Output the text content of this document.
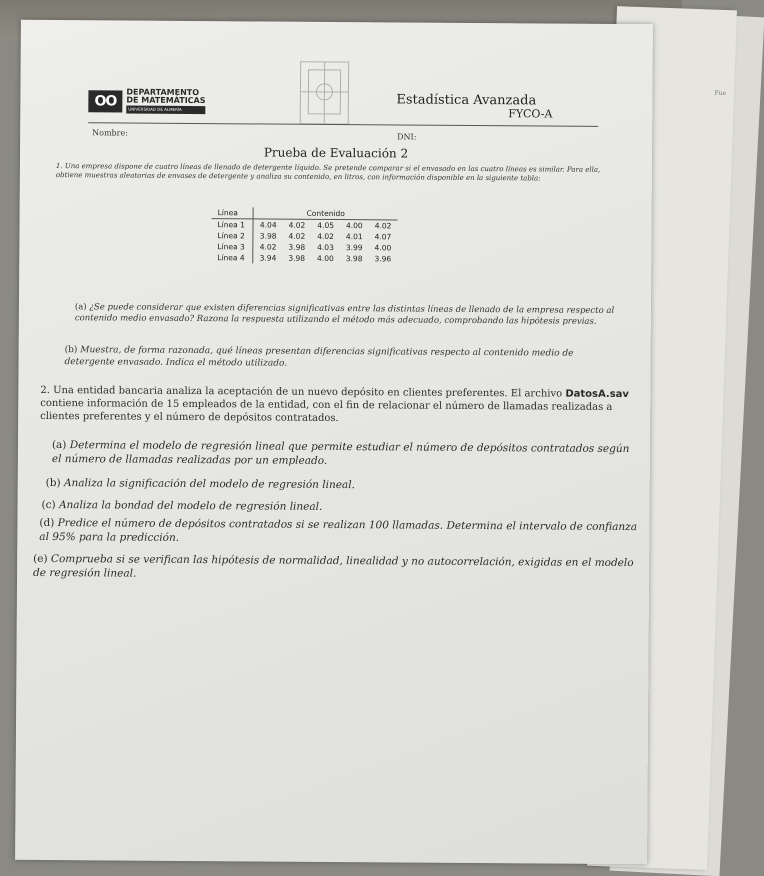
Fue
OO
DEPARTAMENTO
DE MATEMÁTICAS
UNIVERSIDAD DE ALMERÍA
Estadística Avanzada
FYCO-A
Nombre:	DNI:
Prueba de Evaluación 2
1. Una empresa dispone de cuatro líneas de llenado de detergente líquido. Se pretende comparar si el envasado en las cuatro líneas es similar. Para ella, obtiene muestras aleatorias de envases de detergente y analiza su contenido, en litros, con información disponible en la siguiente tabla:
Línea	Contenido				
Línea 1	4.04	4.02	4.05	4.00	4.02
Línea 2	3.98	4.02	4.02	4.01	4.07
Línea 3	4.02	3.98	4.03	3.99	4.00
Línea 4	3.94	3.98	4.00	3.98	3.96
(a) ¿Se puede considerar que existen diferencias significativas entre las distintas líneas de llenado de la empresa respecto al contenido medio envasado? Razona la respuesta utilizando el método más adecuado, comprobando las hipótesis previas.
(b) Muestra, de forma razonada, qué líneas presentan diferencias significativas respecto al contenido medio de detergente envasado. Indica el método utilizado.
2. Una entidad bancaria analiza la aceptación de un nuevo depósito en clientes preferentes. El archivo DatosA.sav contiene información de 15 empleados de la entidad, con el fin de relacionar el número de llamadas realizadas a clientes preferentes y el número de depósitos contratados.
(a) Determina el modelo de regresión lineal que permite estudiar el número de depósitos contratados según el número de llamadas realizadas por un empleado.
(b) Analiza la significación del modelo de regresión lineal.
(c) Analiza la bondad del modelo de regresión lineal.
(d) Predice el número de depósitos contratados si se realizan 100 llamadas. Determina el intervalo de confianza al 95% para la predicción.
(e) Comprueba si se verifican las hipótesis de normalidad, linealidad y no autocorrelación, exigidas en el modelo de regresión lineal.
